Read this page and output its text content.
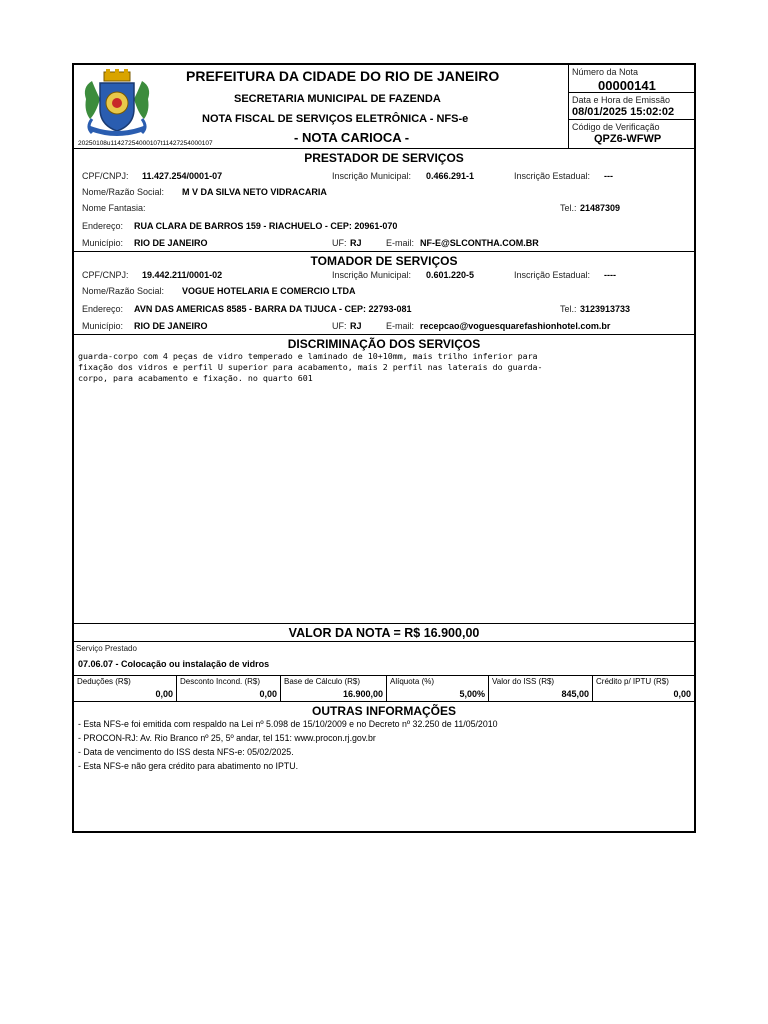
20250108u11427254000107t11427254000107
PREFEITURA DA CIDADE DO RIO DE JANEIRO
SECRETARIA MUNICIPAL DE FAZENDA
NOTA FISCAL DE SERVIÇOS ELETRÔNICA - NFS-e
- NOTA CARIOCA -
Número da Nota
00000141
Data e Hora de Emissão
08/01/2025 15:02:02
Código de Verificação
QPZ6-WFWP
PRESTADOR DE SERVIÇOS
CPF/CNPJ: 11.427.254/0001-07	Inscrição Municipal: 0.466.291-1	Inscrição Estadual: ---
Nome/Razão Social: M V DA SILVA NETO VIDRACARIA
Nome Fantasia:	Tel.: 21487309
Endereço: RUA CLARA DE BARROS 159 - RIACHUELO - CEP: 20961-070
Município: RIO DE JANEIRO	UF: RJ	E-mail: NF-E@SLCONTHA.COM.BR
TOMADOR DE SERVIÇOS
CPF/CNPJ: 19.442.211/0001-02	Inscrição Municipal: 0.601.220-5	Inscrição Estadual: ----
Nome/Razão Social: VOGUE HOTELARIA E COMERCIO LTDA
Endereço: AVN DAS AMERICAS 8585 - BARRA DA TIJUCA - CEP: 22793-081	Tel.: 3123913733
Município: RIO DE JANEIRO	UF: RJ	E-mail: recepcao@voguesquarefashionhotel.com.br
DISCRIMINAÇÃO DOS SERVIÇOS
guarda-corpo com 4 peças de vidro temperado e laminado de 10+10mm, mais trilho inferior para
fixação dos vidros e perfil U superior para acabamento, mais 2 perfil nas laterais do guarda-
corpo, para acabamento e fixação. no quarto 601
VALOR DA NOTA = R$ 16.900,00
Serviço Prestado
07.06.07 - Colocação ou instalação de vidros
Deduções (R$)
0,00
Desconto Incond. (R$)
0,00
Base de Cálculo (R$)
16.900,00
Alíquota (%)
5,00%
Valor do ISS (R$)
845,00
Crédito p/ IPTU (R$)
0,00
OUTRAS INFORMAÇÕES
- Esta NFS-e foi emitida com respaldo na Lei nº 5.098 de 15/10/2009 e no Decreto nº 32.250 de 11/05/2010
- PROCON-RJ: Av. Rio Branco nº 25, 5º andar, tel 151: www.procon.rj.gov.br
- Data de vencimento do ISS desta NFS-e: 05/02/2025.
- Esta NFS-e não gera crédito para abatimento no IPTU.
